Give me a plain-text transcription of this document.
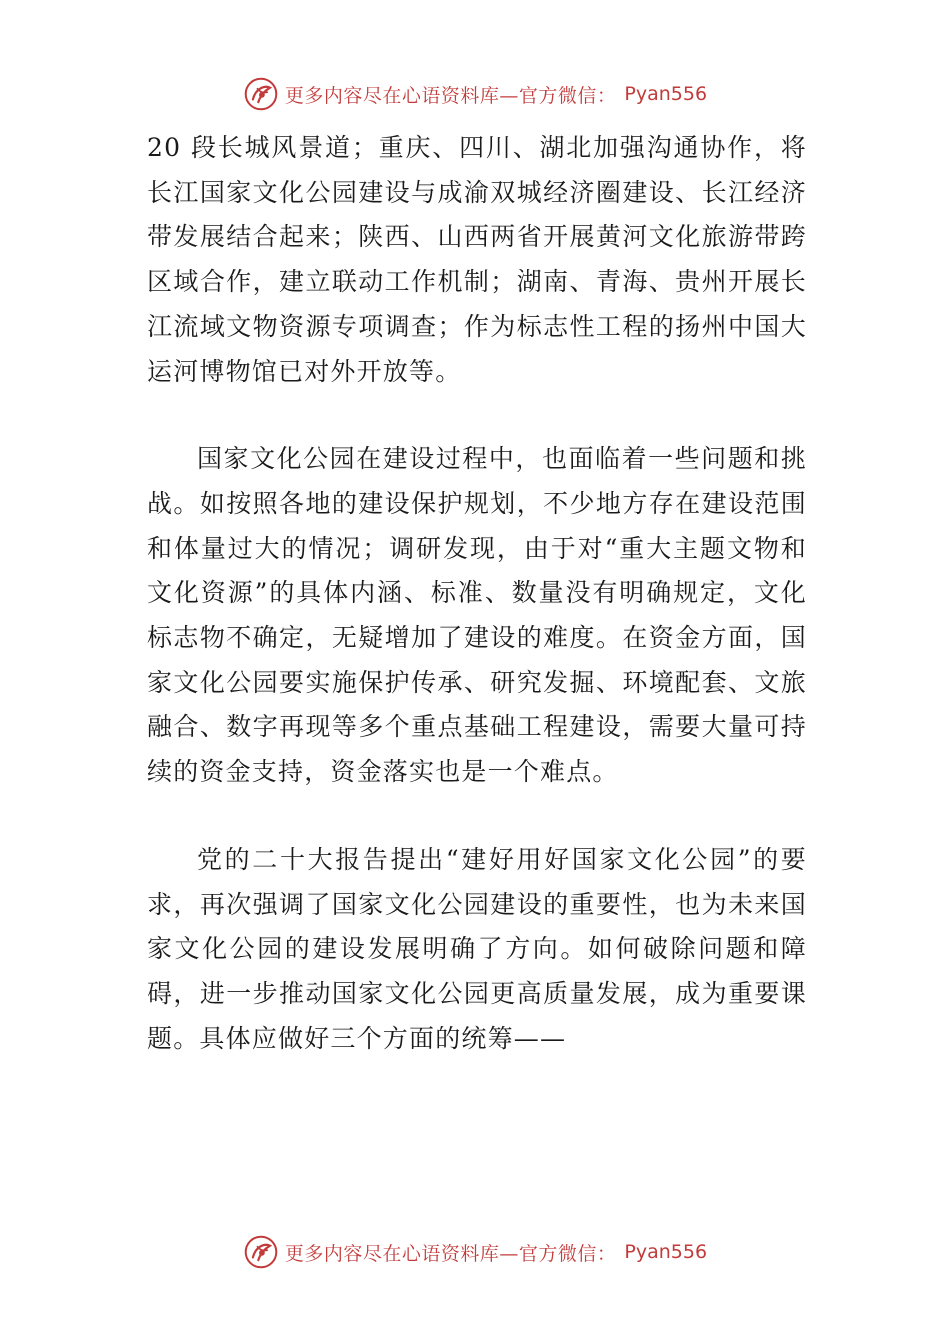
更多内容尽在心语资料库—官方微信： Pyan556

20 段长城风景道；重庆、四川、湖北加强沟通协作，将长江国家文化公园建设与成渝双城经济圈建设、长江经济带发展结合起来；陕西、山西两省开展黄河文化旅游带跨区域合作，建立联动工作机制；湖南、青海、贵州开展长江流域文物资源专项调查；作为标志性工程的扬州中国大运河博物馆已对外开放等。

国家文化公园在建设过程中，也面临着一些问题和挑战。如按照各地的建设保护规划，不少地方存在建设范围和体量过大的情况；调研发现，由于对“重大主题文物和文化资源”的具体内涵、标准、数量没有明确规定，文化标志物不确定，无疑增加了建设的难度。在资金方面，国家文化公园要实施保护传承、研究发掘、环境配套、文旅融合、数字再现等多个重点基础工程建设，需要大量可持续的资金支持，资金落实也是一个难点。

党的二十大报告提出“建好用好国家文化公园”的要求，再次强调了国家文化公园建设的重要性，也为未来国家文化公园的建设发展明确了方向。如何破除问题和障碍，进一步推动国家文化公园更高质量发展，成为重要课题。具体应做好三个方面的统筹——

更多内容尽在心语资料库—官方微信： Pyan556
